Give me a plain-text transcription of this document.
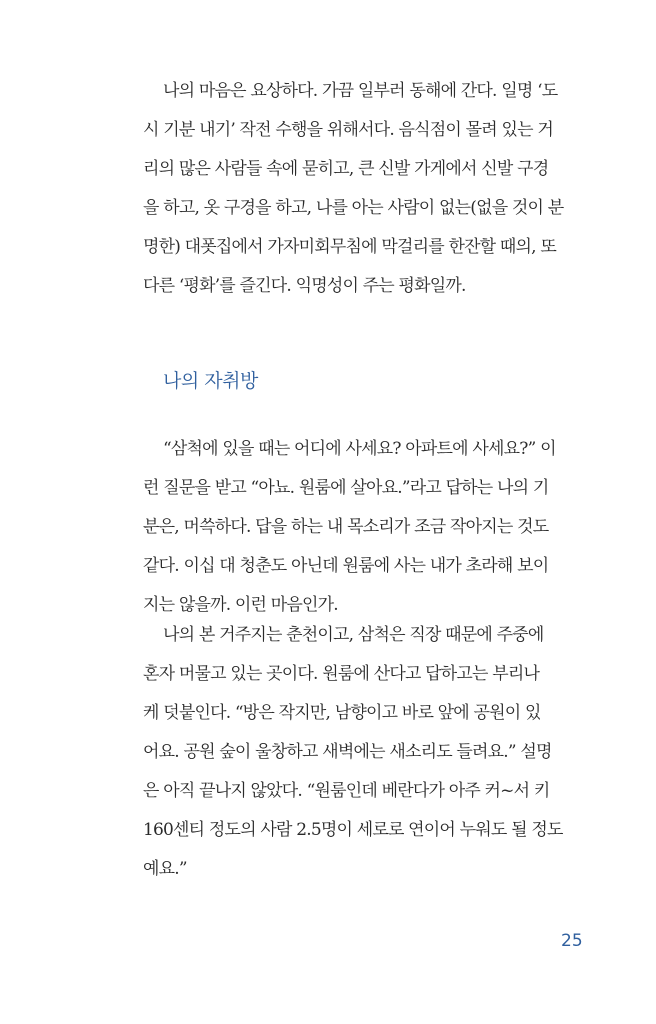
나의 마음은 요상하다. 가끔 일부러 동해에 간다. 일명 ‘도
시 기분 내기’ 작전 수행을 위해서다. 음식점이 몰려 있는 거
리의 많은 사람들 속에 묻히고, 큰 신발 가게에서 신발 구경
을 하고, 옷 구경을 하고, 나를 아는 사람이 없는(없을 것이 분
명한) 대폿집에서 가자미회무침에 막걸리를 한잔할 때의, 또
다른 ‘평화’를 즐긴다. 익명성이 주는 평화일까.
나의 자취방
“삼척에 있을 때는 어디에 사세요? 아파트에 사세요?” 이
런 질문을 받고 “아뇨. 원룸에 살아요.”라고 답하는 나의 기
분은, 머쓱하다. 답을 하는 내 목소리가 조금 작아지는 것도
같다. 이십 대 청춘도 아닌데 원룸에 사는 내가 초라해 보이
지는 않을까. 이런 마음인가.
나의 본 거주지는 춘천이고, 삼척은 직장 때문에 주중에
혼자 머물고 있는 곳이다. 원룸에 산다고 답하고는 부리나
케 덧붙인다. “방은 작지만, 남향이고 바로 앞에 공원이 있
어요. 공원 숲이 울창하고 새벽에는 새소리도 들려요.” 설명
은 아직 끝나지 않았다. “원룸인데 베란다가 아주 커~서 키
160센티 정도의 사람 2.5명이 세로로 연이어 누워도 될 정도
예요.”
25
